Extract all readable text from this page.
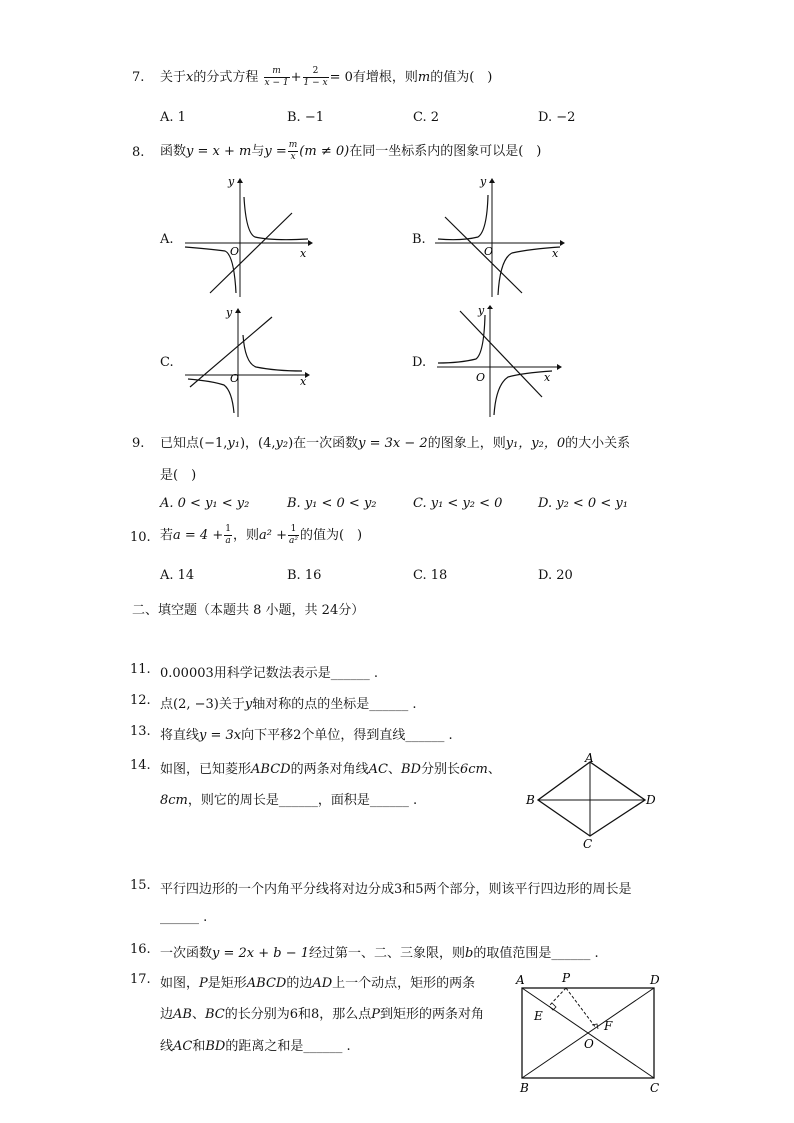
7. 关于x的分式方程 $\frac{m}{x - 1} + \frac{2}{1 - x} = 0$有增根，则m的值为(　)
A. 1	B. −1	C. 2	D. −2
8. 函数y = x + m与$y = \frac{m}{x} (m \ne 0)$在同一坐标系内的图象可以是(　)
A.	B.
C.	D.
y
x
O
y
x
O
y
x
O
y
x
O
9. 已知点(−1,y₁)，(4,y₂)在一次函数y = 3x − 2的图象上，则y₁，y₂，0的大小关系
是(　)
A. 0 < y₁ < y₂	B. y₁ < 0 < y₂	C. y₁ < y₂ < 0	D. y₂ < 0 < y₁
10. 若$a = 4 + \frac{1}{a}$ ，则$a^2 + \frac{1}{\text{a²}}$ 的值为(　)
A. 14	B. 16	C. 18	D. 20
二、填空题（本题共 8 小题，共 24分）
11. 0.00003用科学记数法表示是______ .
12. 点(2, −3)关于y轴对称的点的坐标是______ .
13. 将直线y = 3x向下平移2个单位，得到直线______ .
14. 如图，已知菱形ABCD的两条对角线AC、BD分别长6cm、
8cm，则它的周长是______，面积是______ .
A
B	D
C
15. 平行四边形的一个内角平分线将对边分成3和5两个部分，则该平行四边形的周长是
______ .
16. 一次函数y = 2x + b − 1经过第一、二、三象限，则b的取值范围是______ .
17. 如图，P是矩形ABCD的边AD上一个动点，矩形的两条
边AB、BC的长分别为6和8，那么点P到矩形的两条对角
线AC和BD的距离之和是______ .
A	P	D
E
F
O
B	C
